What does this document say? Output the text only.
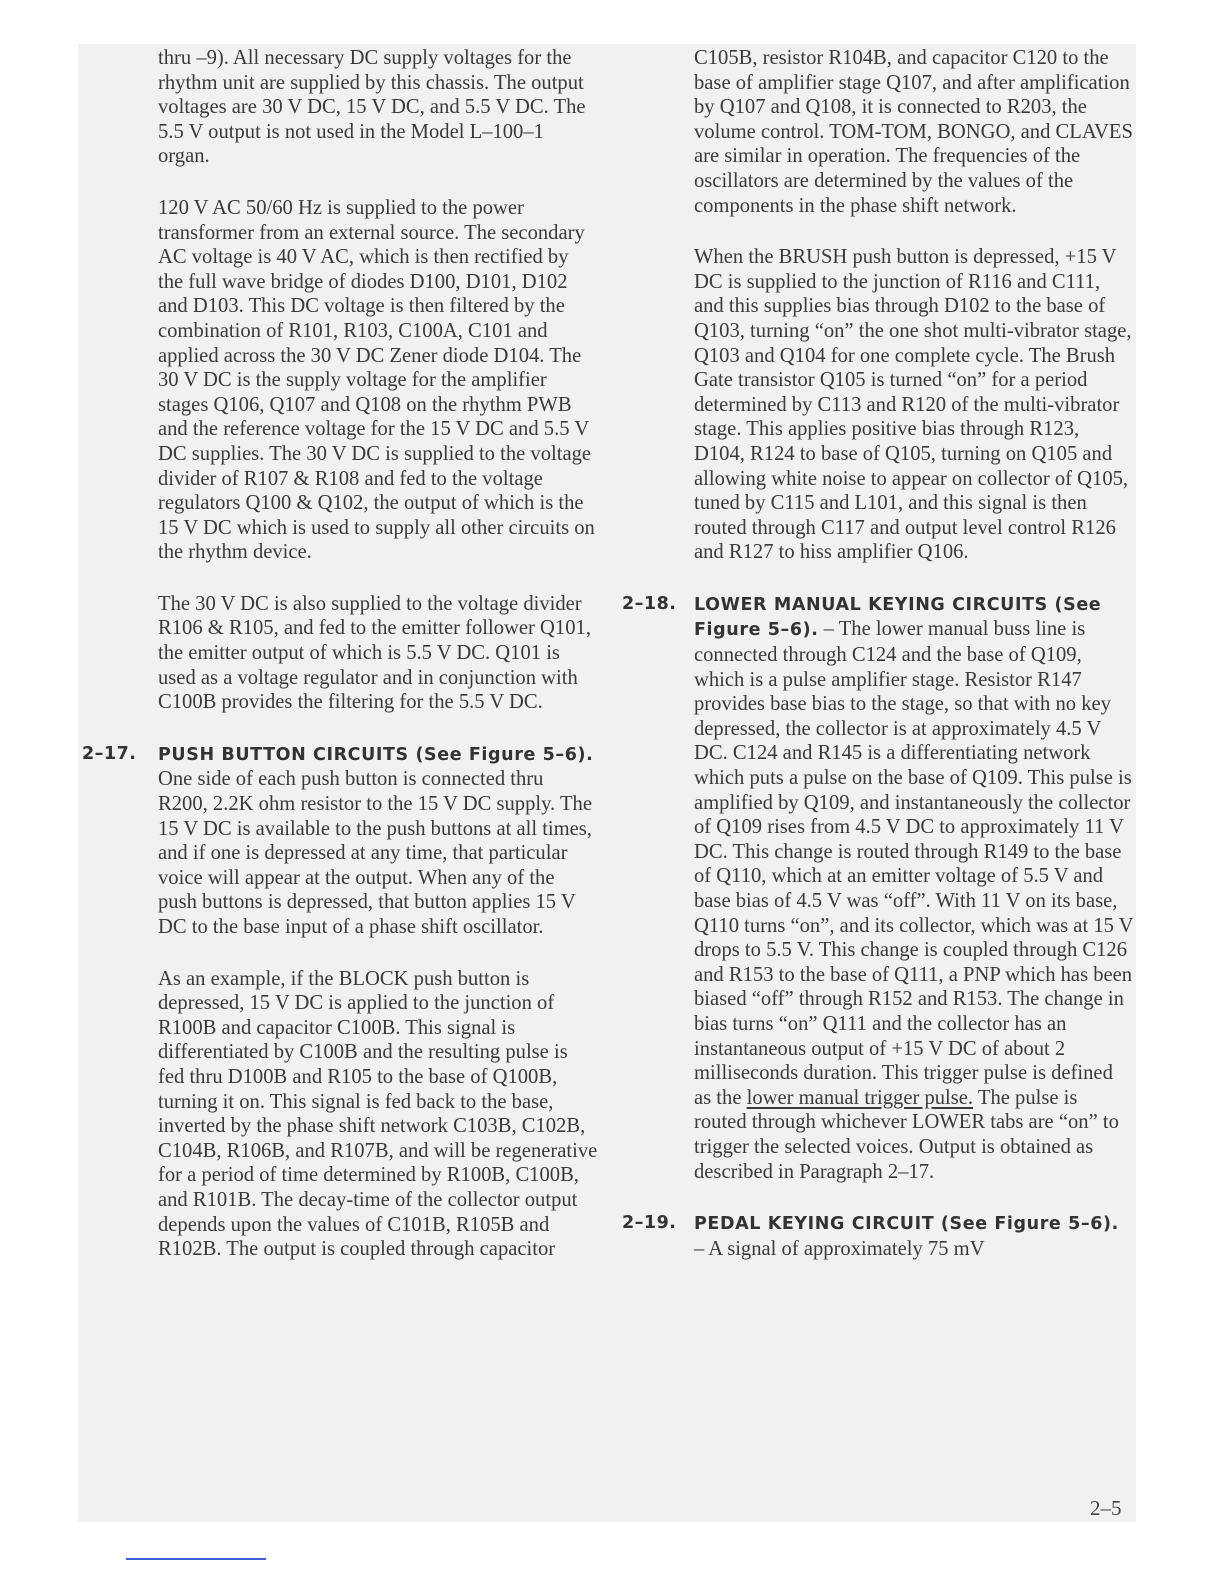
thru –9). All necessary DC supply voltages for the rhythm unit are supplied by this chassis. The output voltages are 30 V DC, 15 V DC, and 5.5 V DC. The 5.5 V output is not used in the Model L–100–1 organ.

120 V AC 50/60 Hz is supplied to the power transformer from an external source. The secondary AC voltage is 40 V AC, which is then rectified by the full wave bridge of diodes D100, D101, D102 and D103. This DC voltage is then filtered by the combination of R101, R103, C100A, C101 and applied across the 30 V DC Zener diode D104. The 30 V DC is the supply voltage for the amplifier stages Q106, Q107 and Q108 on the rhythm PWB and the reference voltage for the 15 V DC and 5.5 V DC supplies. The 30 V DC is supplied to the voltage divider of R107 & R108 and fed to the voltage regulators Q100 & Q102, the output of which is the 15 V DC which is used to supply all other circuits on the rhythm device.

The 30 V DC is also supplied to the voltage divider R106 & R105, and fed to the emitter follower Q101, the emitter output of which is 5.5 V DC. Q101 is used as a voltage regulator and in conjunction with C100B provides the filtering for the 5.5 V DC.

2–17. PUSH BUTTON CIRCUITS (See Figure 5–6). One side of each push button is connected thru R200, 2.2K ohm resistor to the 15 V DC supply. The 15 V DC is available to the push buttons at all times, and if one is depressed at any time, that particular voice will appear at the output. When any of the push buttons is depressed, that button applies 15 V DC to the base input of a phase shift oscillator.

As an example, if the BLOCK push button is depressed, 15 V DC is applied to the junction of R100B and capacitor C100B. This signal is differentiated by C100B and the resulting pulse is fed thru D100B and R105 to the base of Q100B, turning it on. This signal is fed back to the base, inverted by the phase shift network C103B, C102B, C104B, R106B, and R107B, and will be regenerative for a period of time determined by R100B, C100B, and R101B. The decay-time of the collector output depends upon the values of C101B, R105B and R102B. The output is coupled through capacitor

C105B, resistor R104B, and capacitor C120 to the base of amplifier stage Q107, and after amplification by Q107 and Q108, it is connected to R203, the volume control. TOM-TOM, BONGO, and CLAVES are similar in operation. The frequencies of the oscillators are determined by the values of the components in the phase shift network.

When the BRUSH push button is depressed, +15 V DC is supplied to the junction of R116 and C111, and this supplies bias through D102 to the base of Q103, turning “on” the one shot multi-vibrator stage, Q103 and Q104 for one complete cycle. The Brush Gate transistor Q105 is turned “on” for a period determined by C113 and R120 of the multi-vibrator stage. This applies positive bias through R123, D104, R124 to base of Q105, turning on Q105 and allowing white noise to appear on collector of Q105, tuned by C115 and L101, and this signal is then routed through C117 and output level control R126 and R127 to hiss amplifier Q106.

2–18. LOWER MANUAL KEYING CIRCUITS (See Figure 5–6). – The lower manual buss line is connected through C124 and the base of Q109, which is a pulse amplifier stage. Resistor R147 provides base bias to the stage, so that with no key depressed, the collector is at approximately 4.5 V DC. C124 and R145 is a differentiating network which puts a pulse on the base of Q109. This pulse is amplified by Q109, and instantaneously the collector of Q109 rises from 4.5 V DC to approximately 11 V DC. This change is routed through R149 to the base of Q110, which at an emitter voltage of 5.5 V and base bias of 4.5 V was “off”. With 11 V on its base, Q110 turns “on”, and its collector, which was at 15 V drops to 5.5 V. This change is coupled through C126 and R153 to the base of Q111, a PNP which has been biased “off” through R152 and R153. The change in bias turns “on” Q111 and the collector has an instantaneous output of +15 V DC of about 2 milliseconds duration. This trigger pulse is defined as the lower manual trigger pulse. The pulse is routed through whichever LOWER tabs are “on” to trigger the selected voices. Output is obtained as described in Paragraph 2–17.

2–19. PEDAL KEYING CIRCUIT (See Figure 5–6). – A signal of approximately 75 mV

2–5
